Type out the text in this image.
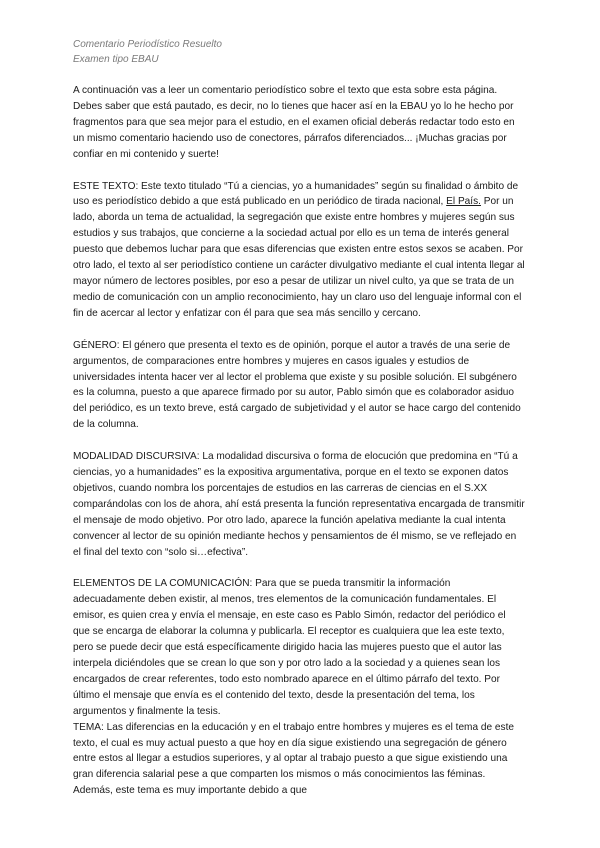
Comentario Periodístico Resuelto
Examen tipo EBAU

A continuación vas a leer un comentario periodístico sobre el texto que esta sobre esta página. Debes saber que está pautado, es decir, no lo tienes que hacer así en la EBAU yo lo he hecho por fragmentos para que sea mejor para el estudio, en el examen oficial deberás redactar todo esto en un mismo comentario haciendo uso de conectores, párrafos diferenciados... ¡Muchas gracias por confiar en mi contenido y suerte!

ESTE TEXTO: Este texto titulado “Tú a ciencias, yo a humanidades” según su finalidad o ámbito de uso es periodístico debido a que está publicado en un periódico de tirada nacional, El País. Por un lado, aborda un tema de actualidad, la segregación que existe entre hombres y mujeres según sus estudios y sus trabajos, que concierne a la sociedad actual por ello es un tema de interés general puesto que debemos luchar para que esas diferencias que existen entre estos sexos se acaben. Por otro lado, el texto al ser periodístico contiene un carácter divulgativo mediante el cual intenta llegar al mayor número de lectores posibles, por eso a pesar de utilizar un nivel culto, ya que se trata de un medio de comunicación con un amplio reconocimiento, hay un claro uso del lenguaje informal con el fin de acercar al lector y enfatizar con él para que sea más sencillo y cercano.

GÉNERO: El género que presenta el texto es de opinión, porque el autor a través de una serie de argumentos, de comparaciones entre hombres y mujeres en casos iguales y estudios de universidades intenta hacer ver al lector el problema que existe y su posible solución. El subgénero es la columna, puesto a que aparece firmado por su autor, Pablo simón que es colaborador asiduo del periódico, es un texto breve, está cargado de subjetividad y el autor se hace cargo del contenido de la columna.

MODALIDAD DISCURSIVA: La modalidad discursiva o forma de elocución que predomina en “Tú a ciencias, yo a humanidades” es la expositiva argumentativa, porque en el texto se exponen datos objetivos, cuando nombra los porcentajes de estudios en las carreras de ciencias en el S.XX comparándolas con los de ahora, ahí está presenta la función representativa encargada de transmitir el mensaje de modo objetivo. Por otro lado, aparece la función apelativa mediante la cual intenta convencer al lector de su opinión mediante hechos y pensamientos de él mismo, se ve reflejado en el final del texto con “solo si…efectiva”.

ELEMENTOS DE LA COMUNICACIÓN: Para que se pueda transmitir la información adecuadamente deben existir, al menos, tres elementos de la comunicación fundamentales. El emisor, es quien crea y envía el mensaje, en este caso es Pablo Simón, redactor del periódico el que se encarga de elaborar la columna y publicarla. El receptor es cualquiera que lea este texto, pero se puede decir que está específicamente dirigido hacia las mujeres puesto que el autor las interpela diciéndoles que se crean lo que son y por otro lado a la sociedad y a quienes sean los encargados de crear referentes, todo esto nombrado aparece en el último párrafo del texto. Por último el mensaje que envía es el contenido del texto, desde la presentación del tema, los argumentos y finalmente la tesis.

TEMA: Las diferencias en la educación y en el trabajo entre hombres y mujeres es el tema de este texto, el cual es muy actual puesto a que hoy en día sigue existiendo una segregación de género entre estos al llegar a estudios superiores, y al optar al trabajo puesto a que sigue existiendo una gran diferencia salarial pese a que comparten los mismos o más conocimientos las féminas. Además, este tema es muy importante debido a que
